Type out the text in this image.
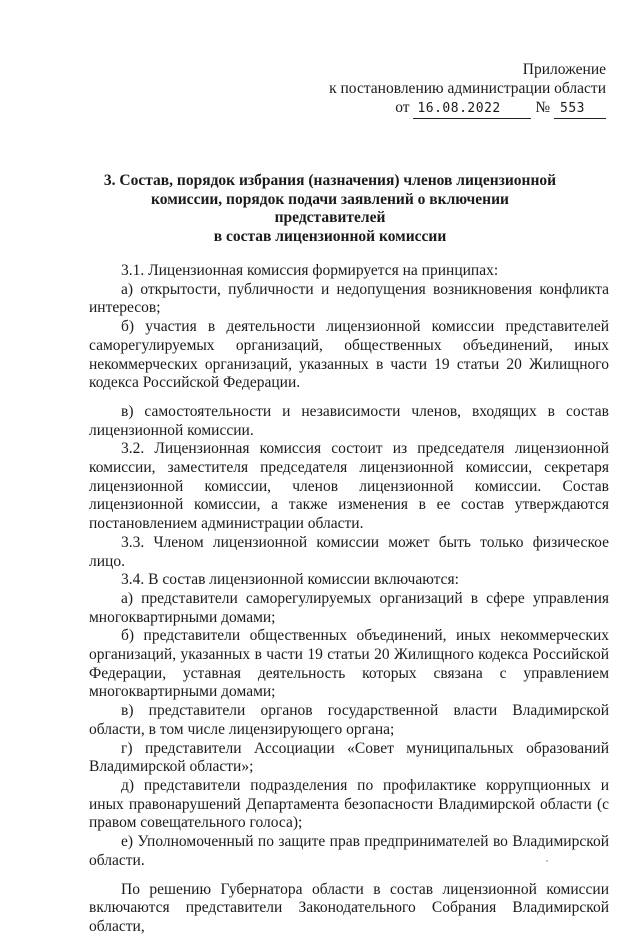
Приложение
к постановлению администрации области
от 16.08.2022 № 553
3. Состав, порядок избрания (назначения) членов лицензионной
комиссии, порядок подачи заявлений о включении представителей
в состав лицензионной комиссии

3.1. Лицензионная комиссия формируется на принципах:

а) открытости, публичности и недопущения возникновения конфликта интересов;

б) участия в деятельности лицензионной комиссии представителей саморегулируемых организаций, общественных объединений, иных некоммерческих организаций, указанных в части 19 статьи 20 Жилищного кодекса Российской Федерации.

в) самостоятельности и независимости членов, входящих в состав лицензионной комиссии.

3.2. Лицензионная комиссия состоит из председателя лицензионной комиссии, заместителя председателя лицензионной комиссии, секретаря лицензионной комиссии, членов лицензионной комиссии. Состав лицензионной комиссии, а также изменения в ее состав утверждаются постановлением администрации области.

3.3. Членом лицензионной комиссии может быть только физическое лицо.

3.4. В состав лицензионной комиссии включаются:

а) представители саморегулируемых организаций в сфере управления многоквартирными домами;

б) представители общественных объединений, иных некоммерческих организаций, указанных в части 19 статьи 20 Жилищного кодекса Российской Федерации, уставная деятельность которых связана с управлением многоквартирными домами;

в) представители органов государственной власти Владимирской области, в том числе лицензирующего органа;

г) представители Ассоциации «Совет муниципальных образований Владимирской области»;

д) представители подразделения по профилактике коррупционных и иных правонарушений Департамента безопасности Владимирской области (с правом совещательного голоса);

е) Уполномоченный по защите прав предпринимателей во Владимирской области.

По решению Губернатора области в состав лицензионной комиссии включаются представители Законодательного Собрания Владимирской области,
